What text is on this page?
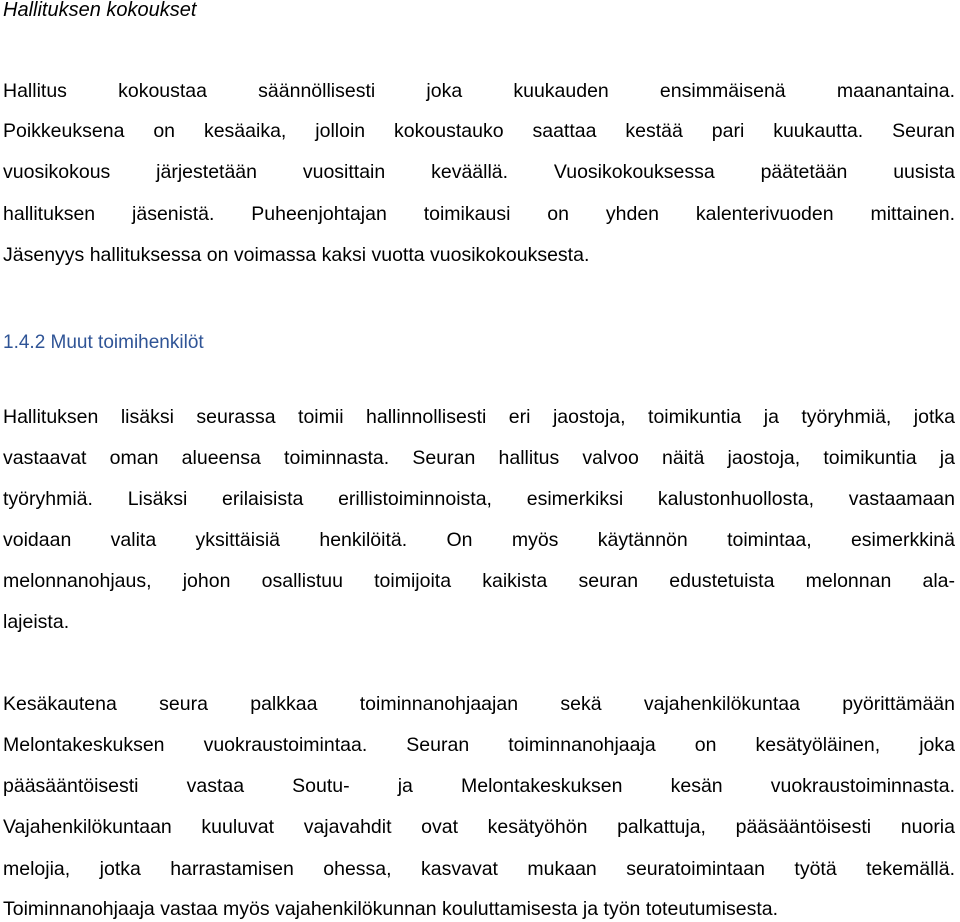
Hallituksen kokoukset
Hallitus kokoustaa säännöllisesti joka kuukauden ensimmäisenä maanantaina.
Poikkeuksena on kesäaika, jolloin kokoustauko saattaa kestää pari kuukautta. Seuran
vuosikokous järjestetään vuosittain keväällä. Vuosikokouksessa päätetään uusista
hallituksen jäsenistä. Puheenjohtajan toimikausi on yhden kalenterivuoden mittainen.
Jäsenyys hallituksessa on voimassa kaksi vuotta vuosikokouksesta.
1.4.2 Muut toimihenkilöt
Hallituksen lisäksi seurassa toimii hallinnollisesti eri jaostoja, toimikuntia ja työryhmiä, jotka
vastaavat oman alueensa toiminnasta. Seuran hallitus valvoo näitä jaostoja, toimikuntia ja
työryhmiä. Lisäksi erilaisista erillistoiminnoista, esimerkiksi kalustonhuollosta, vastaamaan
voidaan valita yksittäisiä henkilöitä. On myös käytännön toimintaa, esimerkkinä
melonnanohjaus, johon osallistuu toimijoita kaikista seuran edustetuista melonnan ala-
lajeista.
Kesäkautena seura palkkaa toiminnanohjaajan sekä vajahenkilökuntaa pyörittämään
Melontakeskuksen vuokraustoimintaa. Seuran toiminnanohjaaja on kesätyöläinen, joka
pääsääntöisesti vastaa Soutu- ja Melontakeskuksen kesän vuokraustoiminnasta.
Vajahenkilökuntaan kuuluvat vajavahdit ovat kesätyöhön palkattuja, pääsääntöisesti nuoria
melojia, jotka harrastamisen ohessa, kasvavat mukaan seuratoimintaan työtä tekemällä.
Toiminnanohjaaja vastaa myös vajahenkilökunnan kouluttamisesta ja työn toteutumisesta.
